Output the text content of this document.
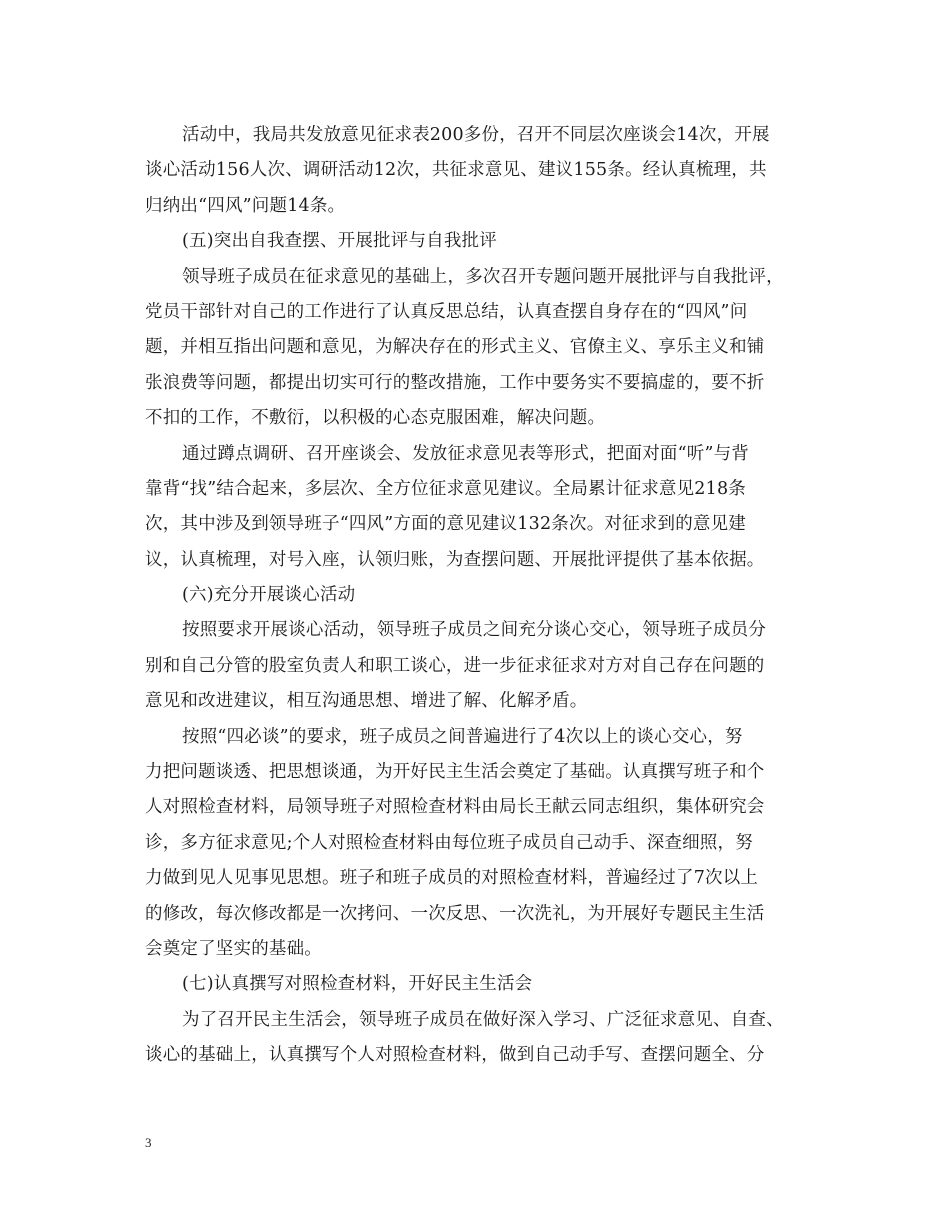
活动中，我局共发放意见征求表200多份，召开不同层次座谈会14次，开展
谈心活动156人次、调研活动12次，共征求意见、建议155条。经认真梳理，共
归纳出“四风”问题14条。
(五)突出自我查摆、开展批评与自我批评
领导班子成员在征求意见的基础上，多次召开专题问题开展批评与自我批评，
党员干部针对自己的工作进行了认真反思总结，认真查摆自身存在的“四风”问
题，并相互指出问题和意见，为解决存在的形式主义、官僚主义、享乐主义和铺
张浪费等问题，都提出切实可行的整改措施，工作中要务实不要搞虚的，要不折
不扣的工作，不敷衍，以积极的心态克服困难，解决问题。
通过蹲点调研、召开座谈会、发放征求意见表等形式，把面对面“听”与背
靠背“找”结合起来，多层次、全方位征求意见建议。全局累计征求意见218条
次，其中涉及到领导班子“四风”方面的意见建议132条次。对征求到的意见建
议，认真梳理，对号入座，认领归账，为查摆问题、开展批评提供了基本依据。
(六)充分开展谈心活动
按照要求开展谈心活动，领导班子成员之间充分谈心交心，领导班子成员分
别和自己分管的股室负责人和职工谈心，进一步征求征求对方对自己存在问题的
意见和改进建议，相互沟通思想、增进了解、化解矛盾。
按照“四必谈”的要求，班子成员之间普遍进行了4次以上的谈心交心，努
力把问题谈透、把思想谈通，为开好民主生活会奠定了基础。认真撰写班子和个
人对照检查材料，局领导班子对照检查材料由局长王献云同志组织，集体研究会
诊，多方征求意见;个人对照检查材料由每位班子成员自己动手、深查细照，努
力做到见人见事见思想。班子和班子成员的对照检查材料，普遍经过了7次以上
的修改，每次修改都是一次拷问、一次反思、一次洗礼，为开展好专题民主生活
会奠定了坚实的基础。
(七)认真撰写对照检查材料，开好民主生活会
为了召开民主生活会，领导班子成员在做好深入学习、广泛征求意见、自查、
谈心的基础上，认真撰写个人对照检查材料，做到自己动手写、查摆问题全、分
3
